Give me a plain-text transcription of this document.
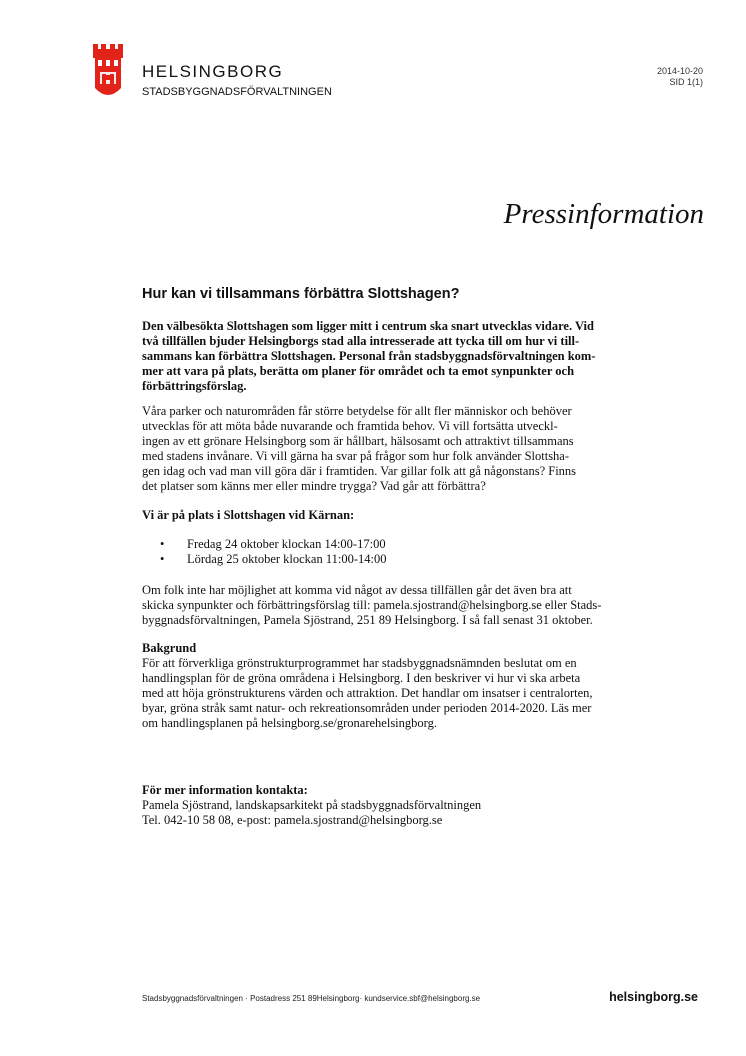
HELSINGBORG
STADSBYGGNADSFÖRVALTNINGEN
2014-10-20
SID 1(1)
Pressinformation
Hur kan vi tillsammans förbättra Slottshagen?
Den välbesökta Slottshagen som ligger mitt i centrum ska snart utvecklas vidare. Vid
två tillfällen bjuder Helsingborgs stad alla intresserade att tycka till om hur vi till-
sammans kan förbättra Slottshagen. Personal från stadsbyggnadsförvaltningen kom-
mer att vara på plats, berätta om planer för området och ta emot synpunkter och
förbättringsförslag.
Våra parker och naturområden får större betydelse för allt fler människor och behöver
utvecklas för att möta både nuvarande och framtida behov. Vi vill fortsätta utveckl-
ingen av ett grönare Helsingborg som är hållbart, hälsosamt och attraktivt tillsammans
med stadens invånare. Vi vill gärna ha svar på frågor som hur folk använder Slottsha-
gen idag och vad man vill göra där i framtiden. Var gillar folk att gå någonstans? Finns
det platser som känns mer eller mindre trygga? Vad går att förbättra?
Vi är på plats i Slottshagen vid Kärnan:
• Fredag 24 oktober klockan 14:00-17:00
• Lördag 25 oktober klockan 11:00-14:00
Om folk inte har möjlighet att komma vid något av dessa tillfällen går det även bra att
skicka synpunkter och förbättringsförslag till: pamela.sjostrand@helsingborg.se eller Stads-
byggnadsförvaltningen, Pamela Sjöstrand, 251 89 Helsingborg. I så fall senast 31 oktober.
Bakgrund
För att förverkliga grönstrukturprogrammet har stadsbyggnadsnämnden beslutat om en
handlingsplan för de gröna områdena i Helsingborg. I den beskriver vi hur vi ska arbeta
med att höja grönstrukturens värden och attraktion. Det handlar om insatser i centralorten,
byar, gröna stråk samt natur- och rekreationsområden under perioden 2014-2020. Läs mer
om handlingsplanen på helsingborg.se/gronarehelsingborg.
För mer information kontakta:
Pamela Sjöstrand, landskapsarkitekt på stadsbyggnadsförvaltningen
Tel. 042-10 58 08, e-post: pamela.sjostrand@helsingborg.se
Stadsbyggnadsförvaltningen · Postadress 251 89Helsingborg· kundservice.sbf@helsingborg.se	helsingborg.se
